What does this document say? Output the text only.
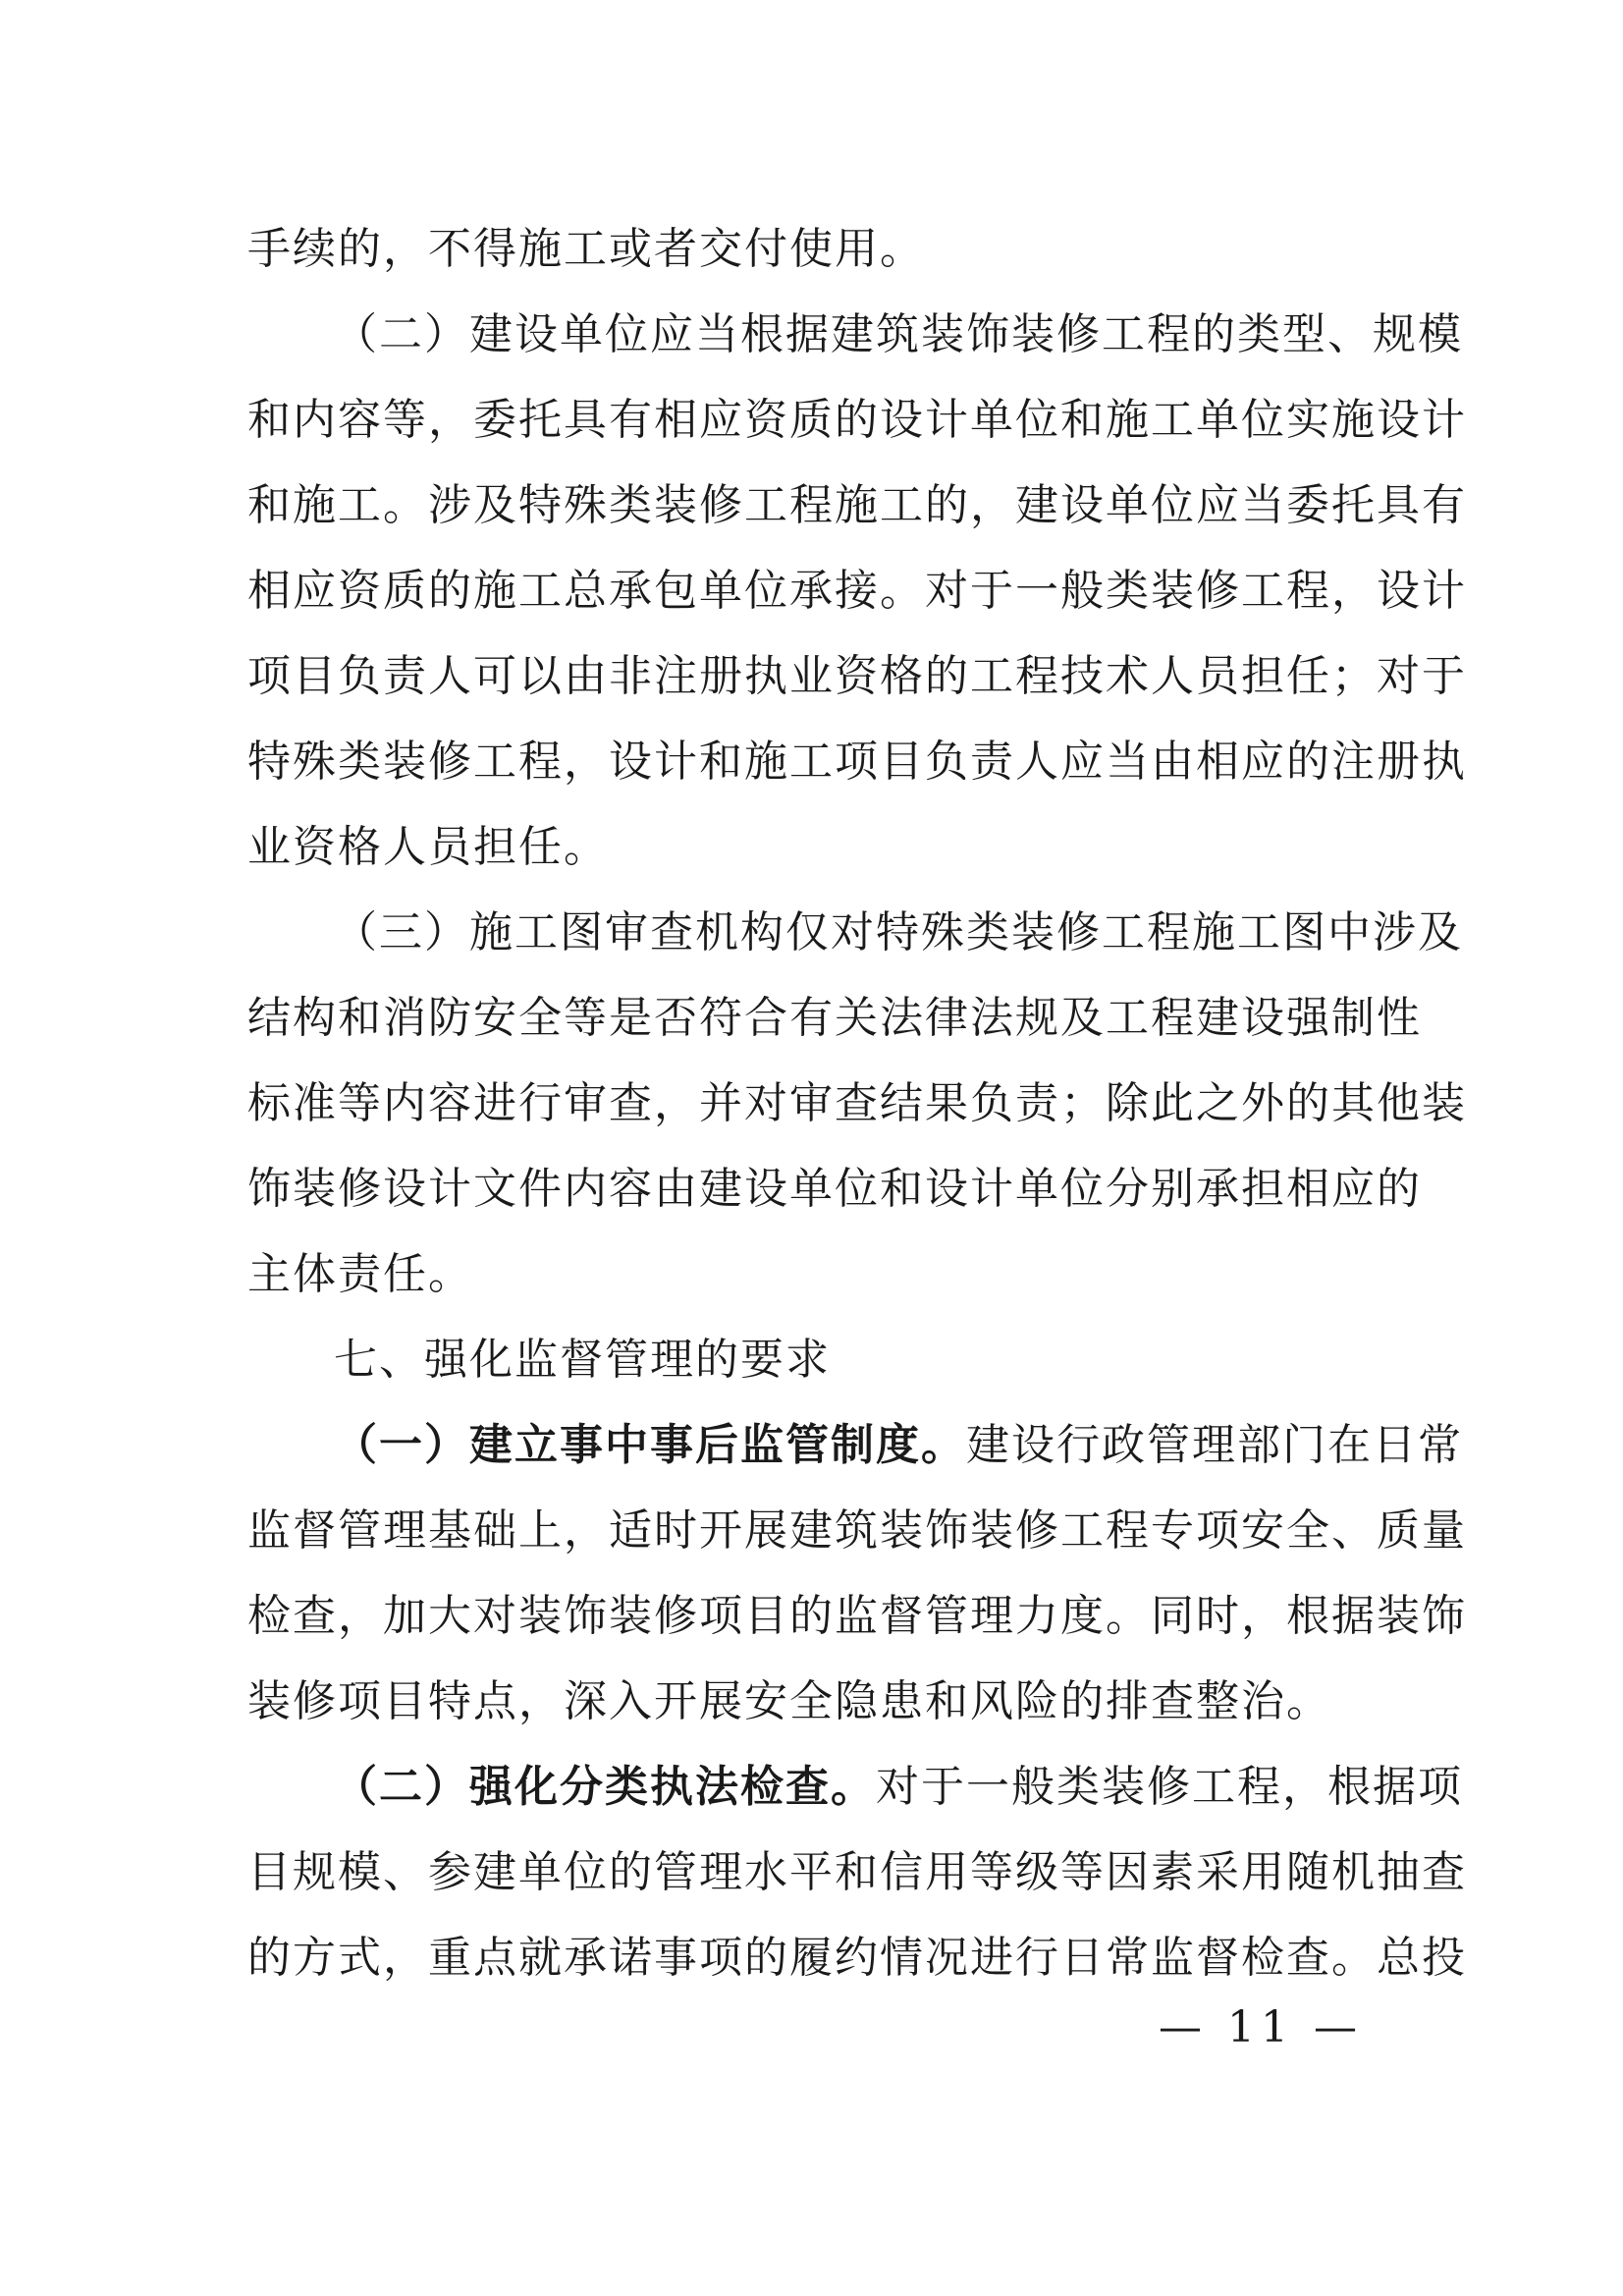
手续的，不得施工或者交付使用。
（二）建设单位应当根据建筑装饰装修工程的类型、规模
和内容等，委托具有相应资质的设计单位和施工单位实施设计
和施工。涉及特殊类装修工程施工的，建设单位应当委托具有
相应资质的施工总承包单位承接。对于一般类装修工程，设计
项目负责人可以由非注册执业资格的工程技术人员担任；对于
特殊类装修工程，设计和施工项目负责人应当由相应的注册执
业资格人员担任。
（三）施工图审查机构仅对特殊类装修工程施工图中涉及
结构和消防安全等是否符合有关法律法规及工程建设强制性
标准等内容进行审查，并对审查结果负责；除此之外的其他装
饰装修设计文件内容由建设单位和设计单位分别承担相应的
主体责任。
七、强化监督管理的要求
（一）建立事中事后监管制度。建设行政管理部门在日常
监督管理基础上，适时开展建筑装饰装修工程专项安全、质量
检查，加大对装饰装修项目的监督管理力度。同时，根据装饰
装修项目特点，深入开展安全隐患和风险的排查整治。
（二）强化分类执法检查。对于一般类装修工程，根据项
目规模、参建单位的管理水平和信用等级等因素采用随机抽查
的方式，重点就承诺事项的履约情况进行日常监督检查。总投
— 11 —
